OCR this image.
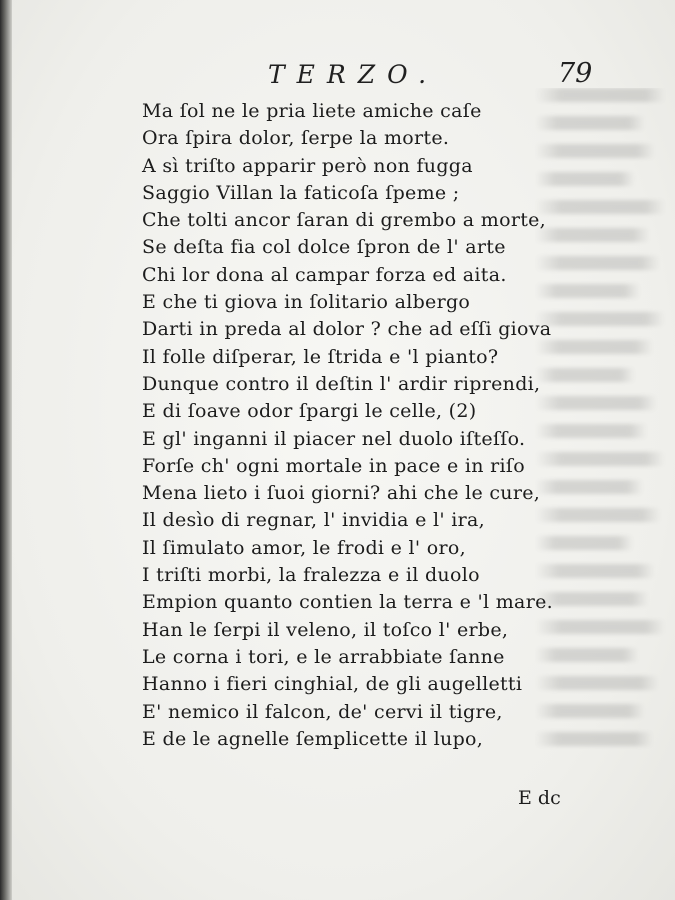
TERZO.	79
Ma ſol ne le pria liete amiche caſe
Ora ſpira dolor, ſerpe la morte.
A sì triſto apparir però non fugga
Saggio Villan la faticoſa ſpeme ;
Che tolti ancor ſaran di grembo a morte,
Se deſta fia col dolce ſpron de l' arte
Chi lor dona al campar forza ed aita.
E che ti giova in ſolitario albergo
Darti in preda al dolor ? che ad eſſi giova
Il folle diſperar, le ſtrida e 'l pianto?
Dunque contro il deſtin l' ardir riprendi,
E di ſoave odor ſpargi le celle, (2)
E gl' inganni il piacer nel duolo iſteſſo.
Forſe ch' ogni mortale in pace e in riſo
Mena lieto i ſuoi giorni? ahi che le cure,
Il desìo di regnar, l' invidia e l' ira,
Il ſimulato amor, le frodi e l' oro,
I triſti morbi, la fralezza e il duolo
Empion quanto contien la terra e 'l mare.
Han le ſerpi il veleno, il toſco l' erbe,
Le corna i tori, e le arrabbiate ſanne
Hanno i fieri cinghial, de gli augelletti
E' nemico il falcon, de' cervi il tigre,
E de le agnelle ſemplicette il lupo,
E dc
